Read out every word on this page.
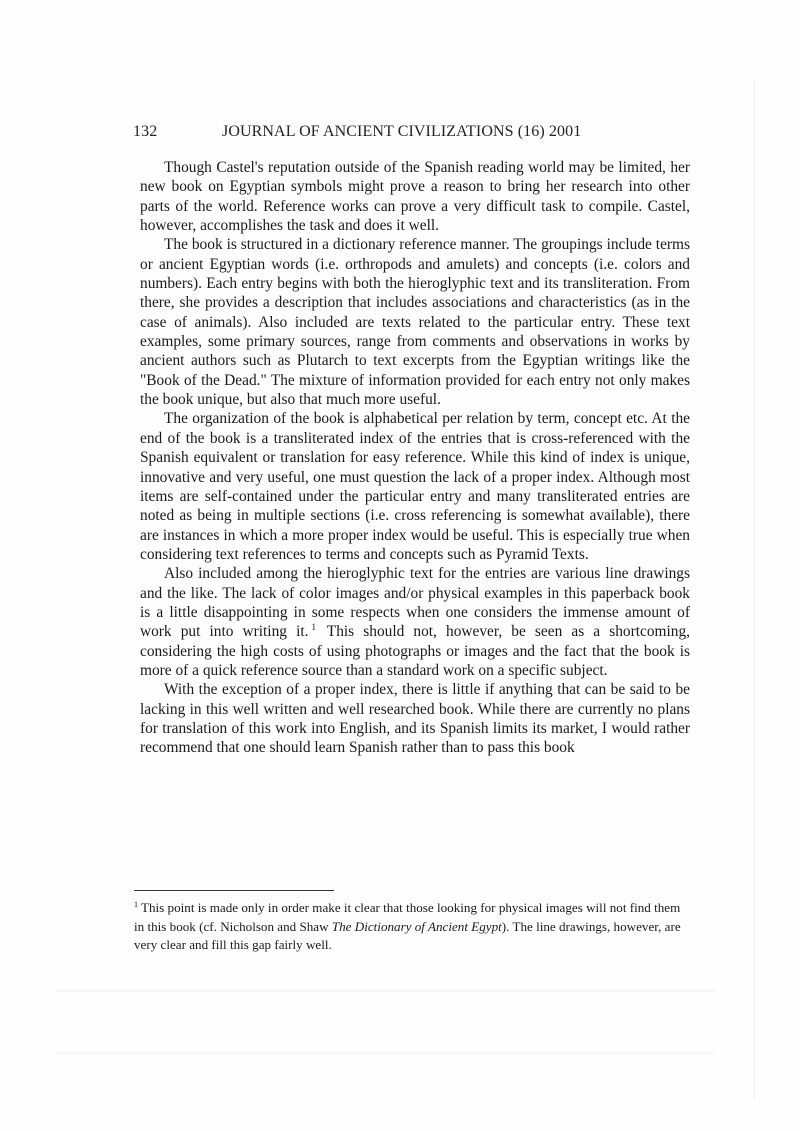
132	JOURNAL OF ANCIENT CIVILIZATIONS (16) 2001

Though Castel's reputation outside of the Spanish reading world may be limited, her new book on Egyptian symbols might prove a reason to bring her research into other parts of the world. Reference works can prove a very difficult task to compile. Castel, however, accomplishes the task and does it well.

The book is structured in a dictionary reference manner. The groupings include terms or ancient Egyptian words (i.e. orthropods and amulets) and concepts (i.e. colors and numbers). Each entry begins with both the hieroglyphic text and its transliteration. From there, she provides a description that includes associations and characteristics (as in the case of animals). Also included are texts related to the particular entry. These text examples, some primary sources, range from comments and observations in works by ancient authors such as Plutarch to text excerpts from the Egyptian writings like the "Book of the Dead." The mixture of information provided for each entry not only makes the book unique, but also that much more useful.

The organization of the book is alphabetical per relation by term, concept etc. At the end of the book is a transliterated index of the entries that is cross-referenced with the Spanish equivalent or translation for easy reference. While this kind of index is unique, innovative and very useful, one must question the lack of a proper index. Although most items are self-contained under the particular entry and many transliterated entries are noted as being in multiple sections (i.e. cross referencing is somewhat available), there are instances in which a more proper index would be useful. This is especially true when considering text references to terms and concepts such as Pyramid Texts.

Also included among the hieroglyphic text for the entries are various line drawings and the like. The lack of color images and/or physical examples in this paperback book is a little disappointing in some respects when one considers the immense amount of work put into writing it. $^1$ This should not, however, be seen as a shortcoming, considering the high costs of using photographs or images and the fact that the book is more of a quick reference source than a standard work on a specific subject.

With the exception of a proper index, there is little if anything that can be said to be lacking in this well written and well researched book. While there are currently no plans for translation of this work into English, and its Spanish limits its market, I would rather recommend that one should learn Spanish rather than to pass this book

$^1$ This point is made only in order make it clear that those looking for physical images will not find them in this book (cf. Nicholson and Shaw The Dictionary of Ancient Egypt). The line drawings, however, are very clear and fill this gap fairly well.
